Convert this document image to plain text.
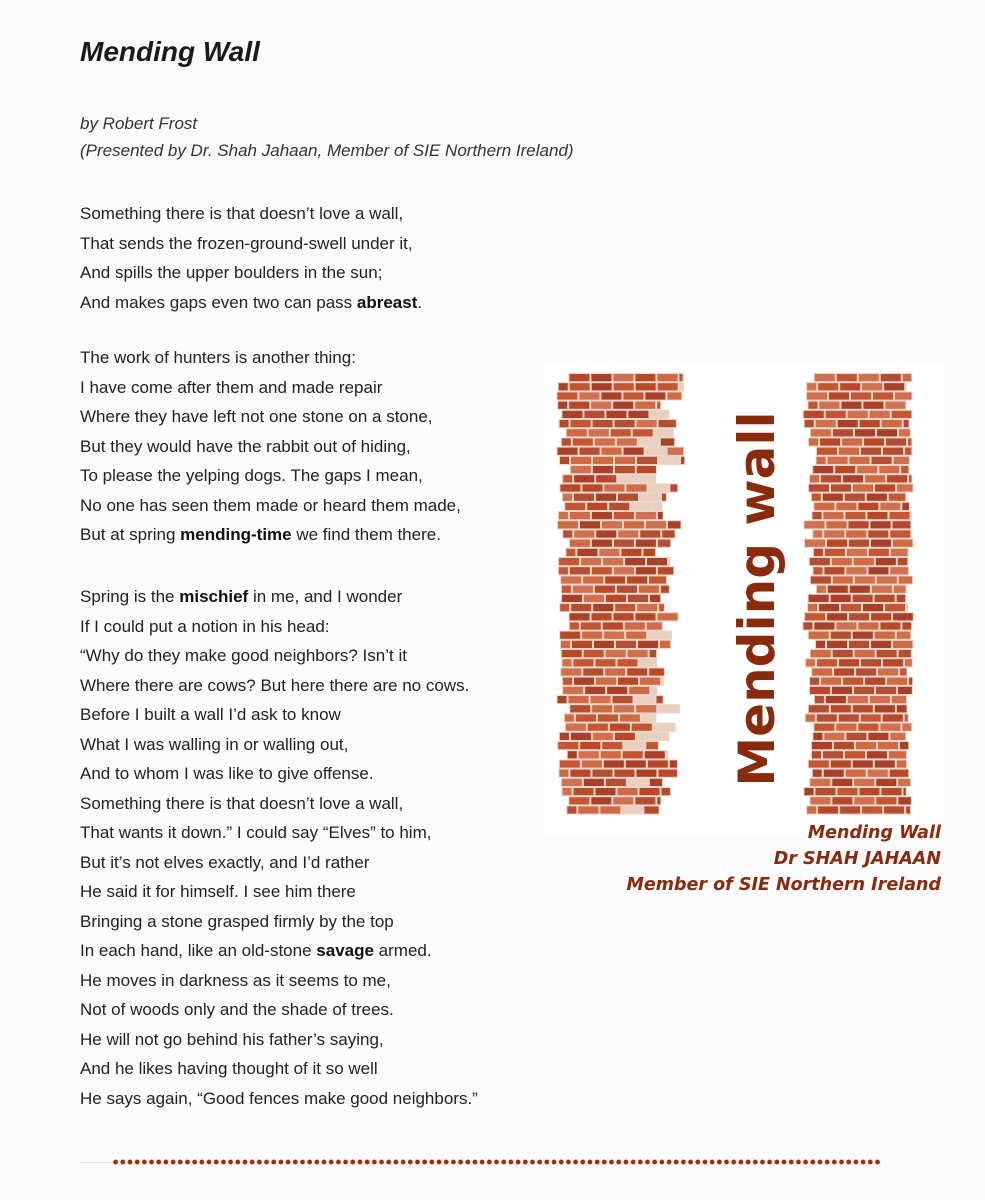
Mending Wall
by Robert Frost
(Presented by Dr. Shah Jahaan, Member of SIE Northern Ireland)
Something there is that doesn’t love a wall,
That sends the frozen-ground-swell under it,
And spills the upper boulders in the sun;
And makes gaps even two can pass abreast.
The work of hunters is another thing:
I have come after them and made repair
Where they have left not one stone on a stone,
But they would have the rabbit out of hiding,
To please the yelping dogs. The gaps I mean,
No one has seen them made or heard them made,
But at spring mending-time we find them there.
Spring is the mischief in me, and I wonder
If I could put a notion in his head:
“Why do they make good neighbors? Isn’t it
Where there are cows? But here there are no cows.
Before I built a wall I’d ask to know
What I was walling in or walling out,
And to whom I was like to give offense.
Something there is that doesn’t love a wall,
That wants it down.” I could say “Elves” to him,
But it’s not elves exactly, and I’d rather
He said it for himself. I see him there
Bringing a stone grasped firmly by the top
In each hand, like an old-stone savage armed.
He moves in darkness as it seems to me,
Not of woods only and the shade of trees.
He will not go behind his father’s saying,
And he likes having thought of it so well
He says again, “Good fences make good neighbors.”
Mending wall
Mending Wall
Dr SHAH JAHAAN
Member of SIE Northern Ireland
